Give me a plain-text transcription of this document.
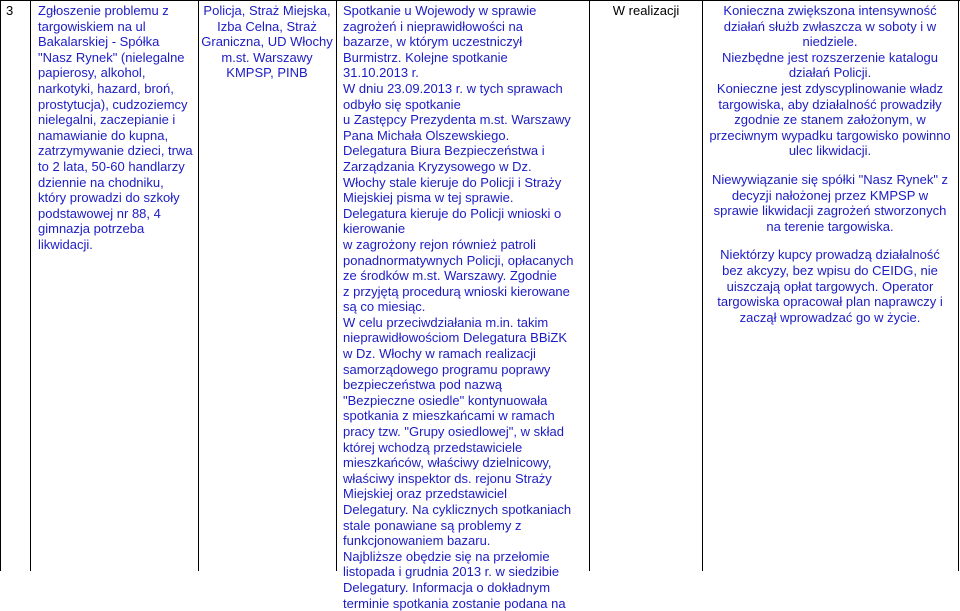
3	Zgłoszenie problemu z
targowiskiem na ul
Bakalarskiej - Spółka
"Nasz Rynek" (nielegalne
papierosy, alkohol,
narkotyki, hazard, broń,
prostytucja), cudzoziemcy
nielegalni, zaczepianie i
namawianie do kupna,
zatrzymywanie dzieci, trwa
to 2 lata, 50-60 handlarzy
dziennie na chodniku,
który prowadzi do szkoły
podstawowej nr 88, 4
gimnazja potrzeba
likwidacji.
Policja, Straż Miejska,
Izba Celna, Straż
Graniczna, UD Włochy
m.st. Warszawy
KMPSP, PINB
Spotkanie u Wojewody w sprawie
zagrożeń i nieprawidłowości na
bazarze, w którym uczestniczył
Burmistrz. Kolejne spotkanie
31.10.2013 r.
W dniu 23.09.2013 r. w tych sprawach
odbyło się spotkanie
u Zastępcy Prezydenta m.st. Warszawy
Pana Michała Olszewskiego.
Delegatura Biura Bezpieczeństwa i
Zarządzania Kryzysowego w Dz.
Włochy stale kieruje do Policji i Straży
Miejskiej pisma w tej sprawie.
Delegatura kieruje do Policji wnioski o
kierowanie
w zagrożony rejon również patroli
ponadnormatywnych Policji, opłacanych
ze środków m.st. Warszawy. Zgodnie
z przyjętą procedurą wnioski kierowane
są co miesiąc.
W celu przeciwdziałania m.in. takim
nieprawidłowościom Delegatura BBiZK
w Dz. Włochy w ramach realizacji
samorządowego programu poprawy
bezpieczeństwa pod nazwą
"Bezpieczne osiedle" kontynuowała
spotkania z mieszkańcami w ramach
pracy tzw. "Grupy osiedlowej", w skład
której wchodzą przedstawiciele
mieszkańców, właściwy dzielnicowy,
właściwy inspektor ds. rejonu Straży
Miejskiej oraz przedstawiciel
Delegatury. Na cyklicznych spotkaniach
stale ponawiane są problemy z
funkcjonowaniem bazaru.
Najbliższe obędzie się na przełomie
listopada i grudnia 2013 r. w siedzibie
Delegatury. Informacja o dokładnym
terminie spotkania zostanie podana na
W realizacji	Konieczna zwiększona intensywność
działań służb zwłaszcza w soboty i w
niedziele.
Niezbędne jest rozszerzenie katalogu
działań Policji.
Konieczne jest zdyscyplinowanie władz
targowiska, aby działalność prowadziły
zgodnie ze stanem założonym, w
przeciwnym wypadku targowisko powinno
ulec likwidacji.
Niewywiązanie się spółki "Nasz Rynek" z
decyzji nałożonej przez KMPSP w
sprawie likwidacji zagrożeń stworzonych
na terenie targowiska.
Niektórzy kupcy prowadzą działalność
bez akcyzy, bez wpisu do CEIDG, nie
uiszczają opłat targowych. Operator
targowiska opracował plan naprawczy i
zaczął wprowadzać go w życie.
